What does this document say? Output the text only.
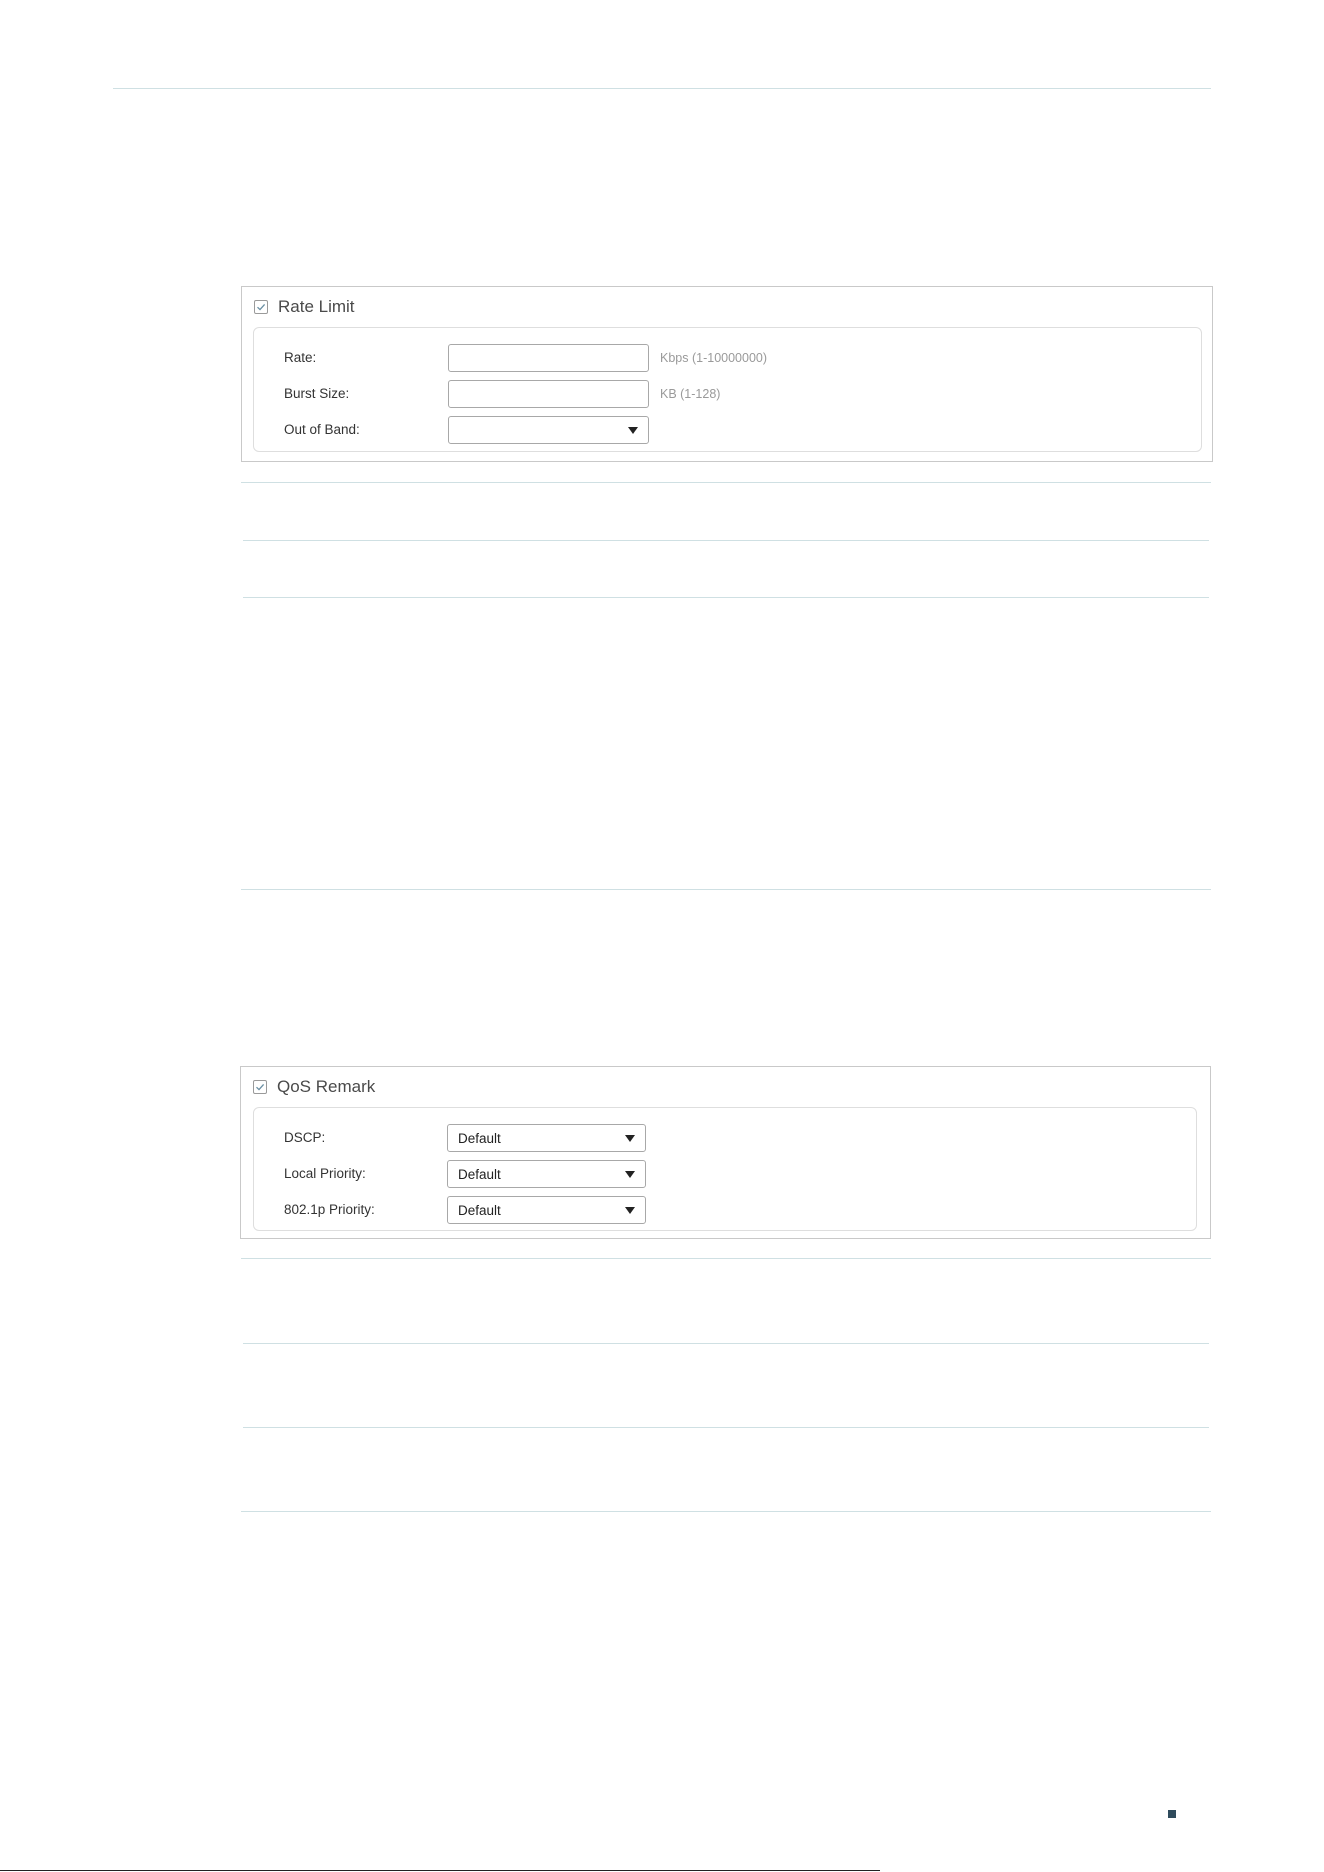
Rate Limit
Rate:	Kbps (1-10000000)
Burst Size:	KB (1-128)
Out of Band:
QoS Remark
DSCP:	Default
Local Priority:	Default
802.1p Priority:	Default
